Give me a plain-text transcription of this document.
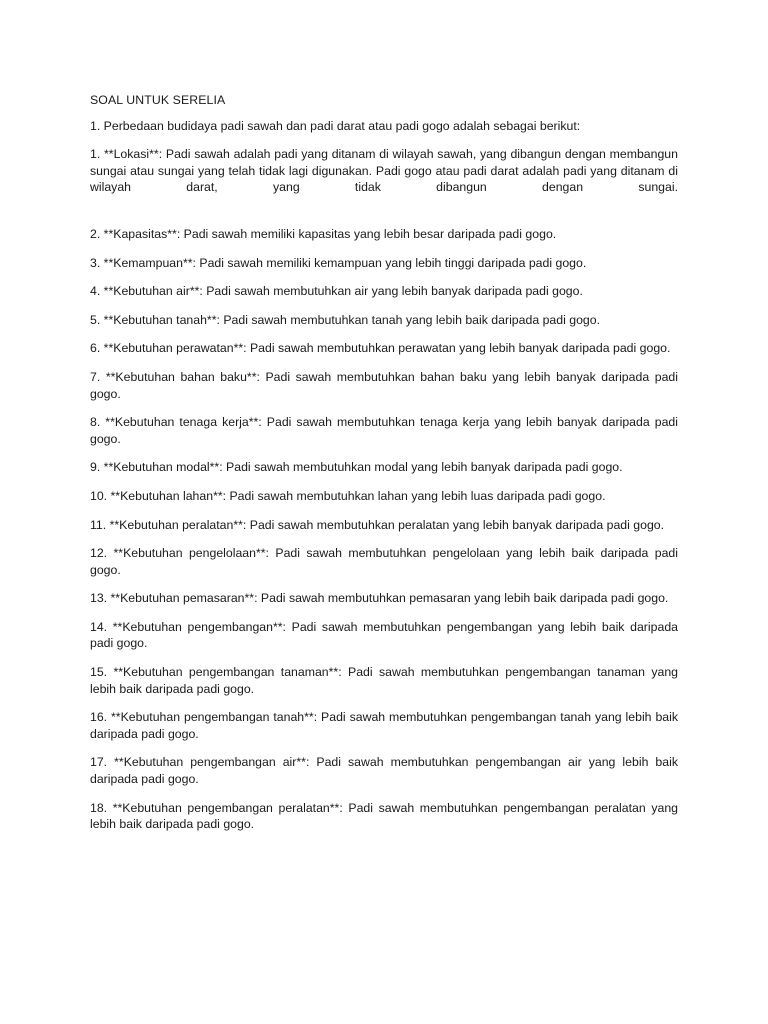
SOAL UNTUK SERELIA

1. Perbedaan budidaya padi sawah dan padi darat atau padi gogo adalah sebagai berikut:

1. **Lokasi**: Padi sawah adalah padi yang ditanam di wilayah sawah, yang dibangun dengan membangun sungai atau sungai yang telah tidak lagi digunakan. Padi gogo atau padi darat adalah padi yang ditanam di wilayah darat, yang tidak dibangun dengan sungai.

2. **Kapasitas**: Padi sawah memiliki kapasitas yang lebih besar daripada padi gogo.

3. **Kemampuan**: Padi sawah memiliki kemampuan yang lebih tinggi daripada padi gogo.

4. **Kebutuhan air**: Padi sawah membutuhkan air yang lebih banyak daripada padi gogo.

5. **Kebutuhan tanah**: Padi sawah membutuhkan tanah yang lebih baik daripada padi gogo.

6. **Kebutuhan perawatan**: Padi sawah membutuhkan perawatan yang lebih banyak daripada padi gogo.

7. **Kebutuhan bahan baku**: Padi sawah membutuhkan bahan baku yang lebih banyak daripada padi gogo.

8. **Kebutuhan tenaga kerja**: Padi sawah membutuhkan tenaga kerja yang lebih banyak daripada padi gogo.

9. **Kebutuhan modal**: Padi sawah membutuhkan modal yang lebih banyak daripada padi gogo.

10. **Kebutuhan lahan**: Padi sawah membutuhkan lahan yang lebih luas daripada padi gogo.

11. **Kebutuhan peralatan**: Padi sawah membutuhkan peralatan yang lebih banyak daripada padi gogo.

12. **Kebutuhan pengelolaan**: Padi sawah membutuhkan pengelolaan yang lebih baik daripada padi gogo.

13. **Kebutuhan pemasaran**: Padi sawah membutuhkan pemasaran yang lebih baik daripada padi gogo.

14. **Kebutuhan pengembangan**: Padi sawah membutuhkan pengembangan yang lebih baik daripada padi gogo.

15. **Kebutuhan pengembangan tanaman**: Padi sawah membutuhkan pengembangan tanaman yang lebih baik daripada padi gogo.

16. **Kebutuhan pengembangan tanah**: Padi sawah membutuhkan pengembangan tanah yang lebih baik daripada padi gogo.

17. **Kebutuhan pengembangan air**: Padi sawah membutuhkan pengembangan air yang lebih baik daripada padi gogo.

18. **Kebutuhan pengembangan peralatan**: Padi sawah membutuhkan pengembangan peralatan yang lebih baik daripada padi gogo.
